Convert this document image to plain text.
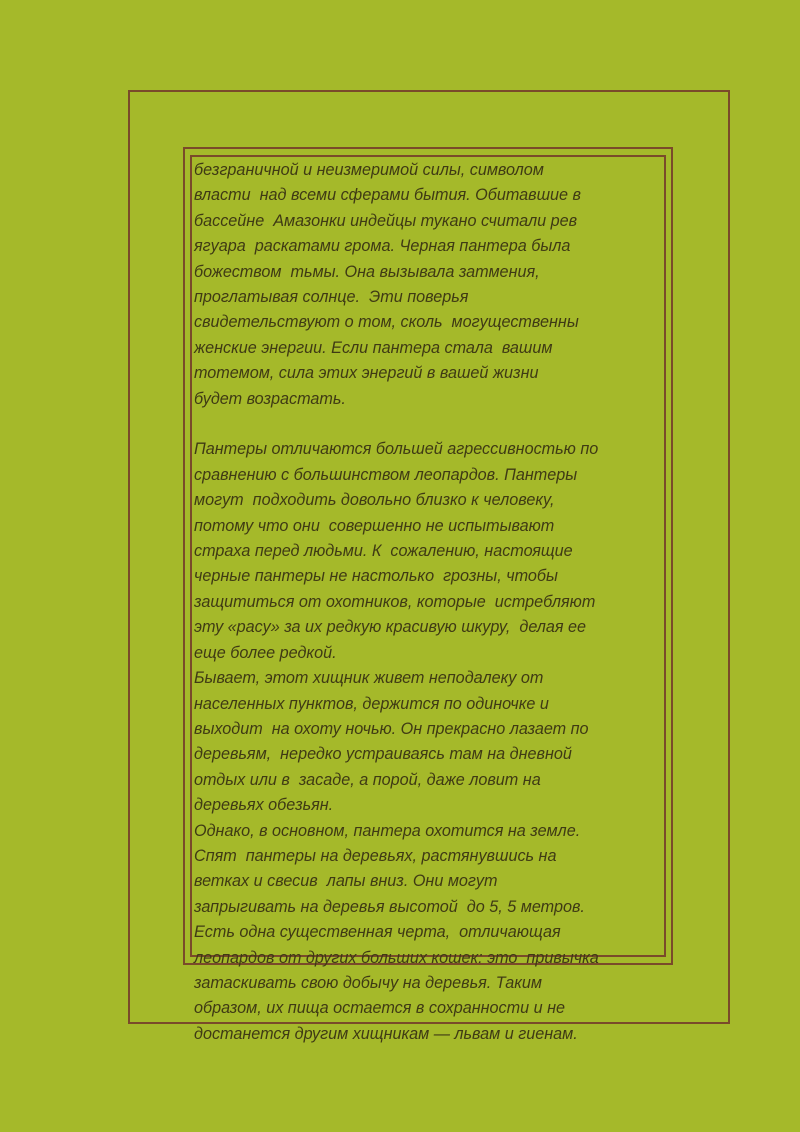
безграничной и неизмеримой силы, символом
власти  над всеми сферами бытия. Обитавшие в
бассейне  Амазонки индейцы тукано считали рев
ягуара  раскатами грома. Черная пантера была
божеством  тьмы. Она вызывала затмения,
проглатывая солнце.  Эти поверья
свидетельствуют о том, сколь  могущественны
женские энергии. Если пантера стала  вашим
тотемом, сила этих энергий в вашей жизни
будет возрастать.
Пантеры отличаются большей агрессивностью по
сравнению с большинством леопардов. Пантеры
могут  подходить довольно близко к человеку,
потому что они  совершенно не испытывают
страха перед людьми. К  сожалению, настоящие
черные пантеры не настолько  грозны, чтобы
защититься от охотников, которые  истребляют
эту «расу» за их редкую красивую шкуру,  делая ее
еще более редкой.
Бывает, этот хищник живет неподалеку от
населенных пунктов, держится по одиночке и
выходит  на охоту ночью. Он прекрасно лазает по
деревьям,  нередко устраиваясь там на дневной
отдых или в  засаде, а порой, даже ловит на
деревьях обезьян.
Однако, в основном, пантера охотится на земле.
Спят  пантеры на деревьях, растянувшись на
ветках и свесив  лапы вниз. Они могут
запрыгивать на деревья высотой  до 5, 5 метров.
Есть одна существенная черта,  отличающая
леопардов от других больших кошек: это  привычка
затаскивать свою добычу на деревья. Таким
образом, их пища остается в сохранности и не
достанется другим хищникам — львам и гиенам.
